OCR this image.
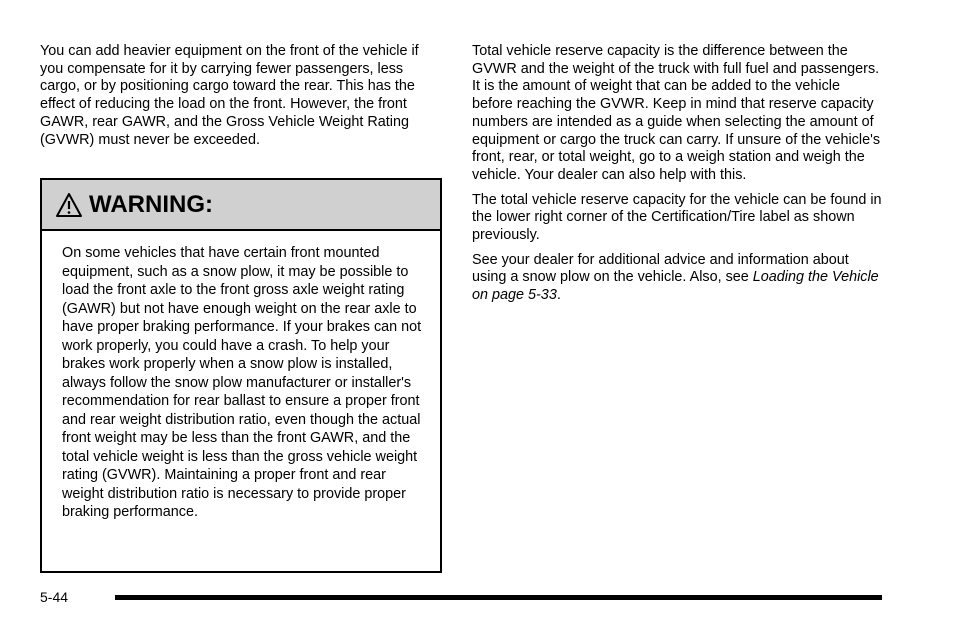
You can add heavier equipment on the front of the vehicle if you compensate for it by carrying fewer passengers, less cargo, or by positioning cargo toward the rear. This has the effect of reducing the load on the front. However, the front GAWR, rear GAWR, and the Gross Vehicle Weight Rating (GVWR) must never be exceeded.

WARNING:
On some vehicles that have certain front mounted equipment, such as a snow plow, it may be possible to load the front axle to the front gross axle weight rating (GAWR) but not have enough weight on the rear axle to have proper braking performance. If your brakes can not work properly, you could have a crash. To help your brakes work properly when a snow plow is installed, always follow the snow plow manufacturer or installer's recommendation for rear ballast to ensure a proper front and rear weight distribution ratio, even though the actual front weight may be less than the front GAWR, and the total vehicle weight is less than the gross vehicle weight rating (GVWR). Maintaining a proper front and rear weight distribution ratio is necessary to provide proper braking performance.

Total vehicle reserve capacity is the difference between the GVWR and the weight of the truck with full fuel and passengers. It is the amount of weight that can be added to the vehicle before reaching the GVWR. Keep in mind that reserve capacity numbers are intended as a guide when selecting the amount of equipment or cargo the truck can carry. If unsure of the vehicle's front, rear, or total weight, go to a weigh station and weigh the vehicle. Your dealer can also help with this.

The total vehicle reserve capacity for the vehicle can be found in the lower right corner of the Certification/Tire label as shown previously.

See your dealer for additional advice and information about using a snow plow on the vehicle. Also, see Loading the Vehicle on page 5-33.

5-44
